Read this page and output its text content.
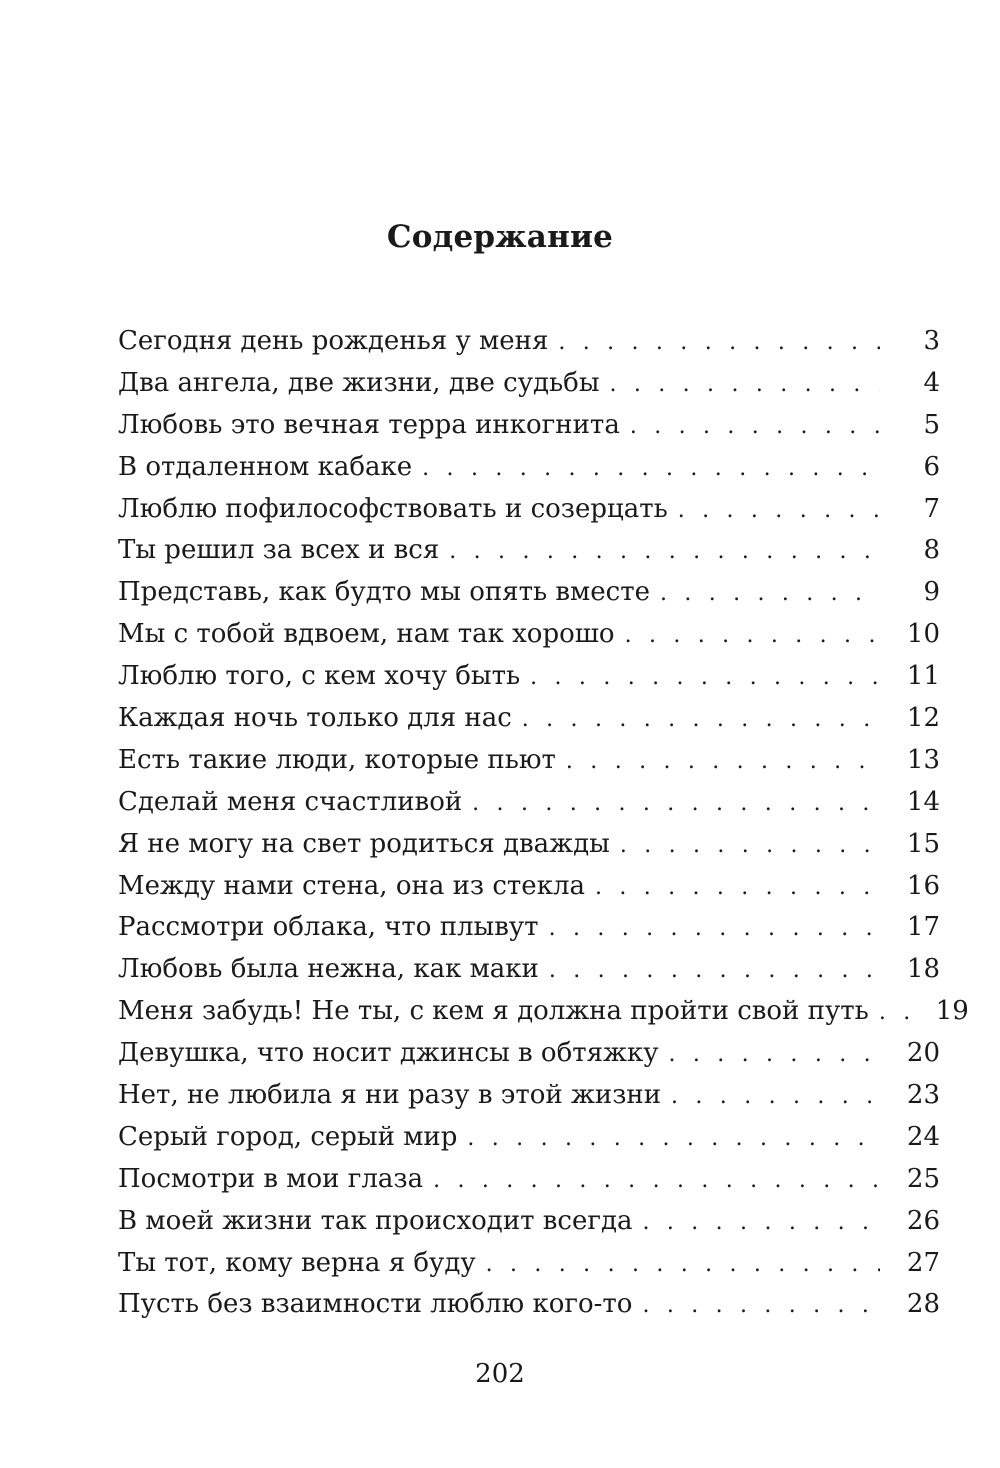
Содержание
Сегодня день рожденья у меня . . .	3
Два ангела, две жизни, две судьбы . . .	4
Любовь это вечная терра инкогнита . . .	5
В отдаленном кабаке . . .	6
Люблю пофилософствовать и созерцать . . .	7
Ты решил за всех и вся . . .	8
Представь, как будто мы опять вместе . . .	9
Мы с тобой вдвоем, нам так хорошо . . .	10
Люблю того, с кем хочу быть . . .	11
Каждая ночь только для нас . . .	12
Есть такие люди, которые пьют . . .	13
Сделай меня счастливой . . .	14
Я не могу на свет родиться дважды . . .	15
Между нами стена, она из стекла . . .	16
Рассмотри облака, что плывут . . .	17
Любовь была нежна, как маки . . .	18
Меня забудь! Не ты, с кем я должна пройти свой путь . . .	19
Девушка, что носит джинсы в обтяжку . . .	20
Нет, не любила я ни разу в этой жизни . . .	23
Серый город, серый мир . . .	24
Посмотри в мои глаза . . .	25
В моей жизни так происходит всегда . . .	26
Ты тот, кому верна я буду . . .	27
Пусть без взаимности люблю кого-то . . .	28
202
